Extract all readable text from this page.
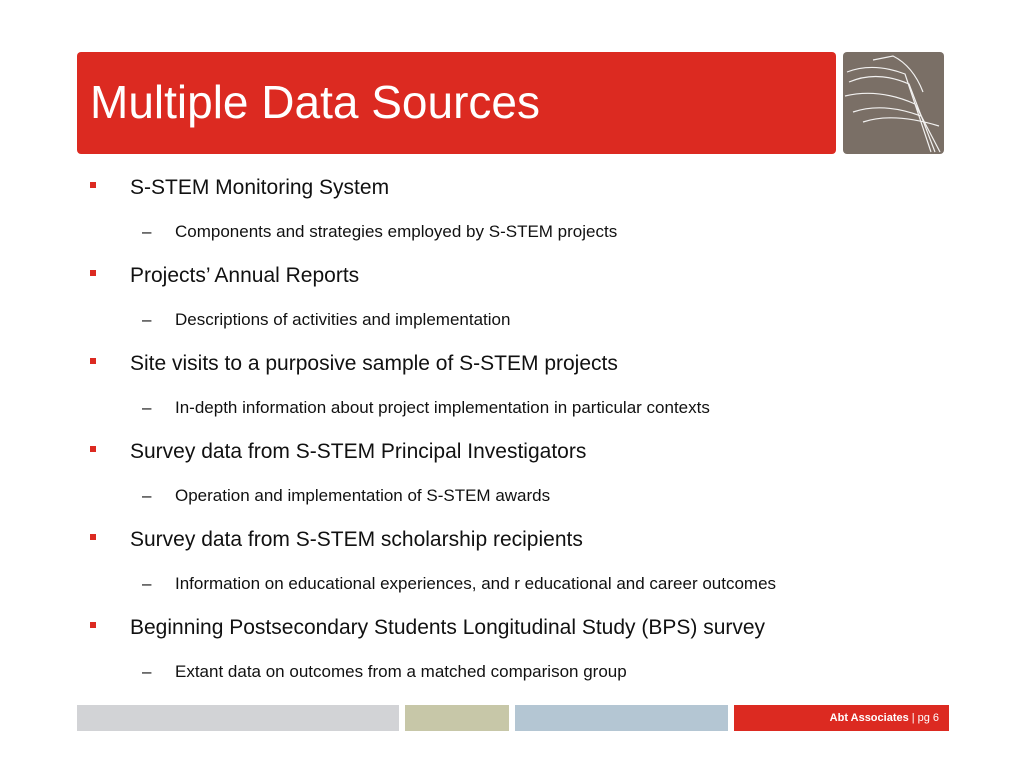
Multiple Data Sources
S-STEM Monitoring System
– Components and strategies employed by S-STEM projects
Projects’ Annual Reports
– Descriptions of activities and implementation
Site visits to a purposive sample of S-STEM projects
– In-depth information about project implementation in particular contexts
Survey data from S-STEM Principal Investigators
– Operation and implementation of S-STEM awards
Survey data from S-STEM scholarship recipients
– Information on educational experiences, and r educational and career outcomes
Beginning Postsecondary Students Longitudinal Study (BPS) survey
– Extant data on outcomes from a matched comparison group
Abt Associates | pg 6
